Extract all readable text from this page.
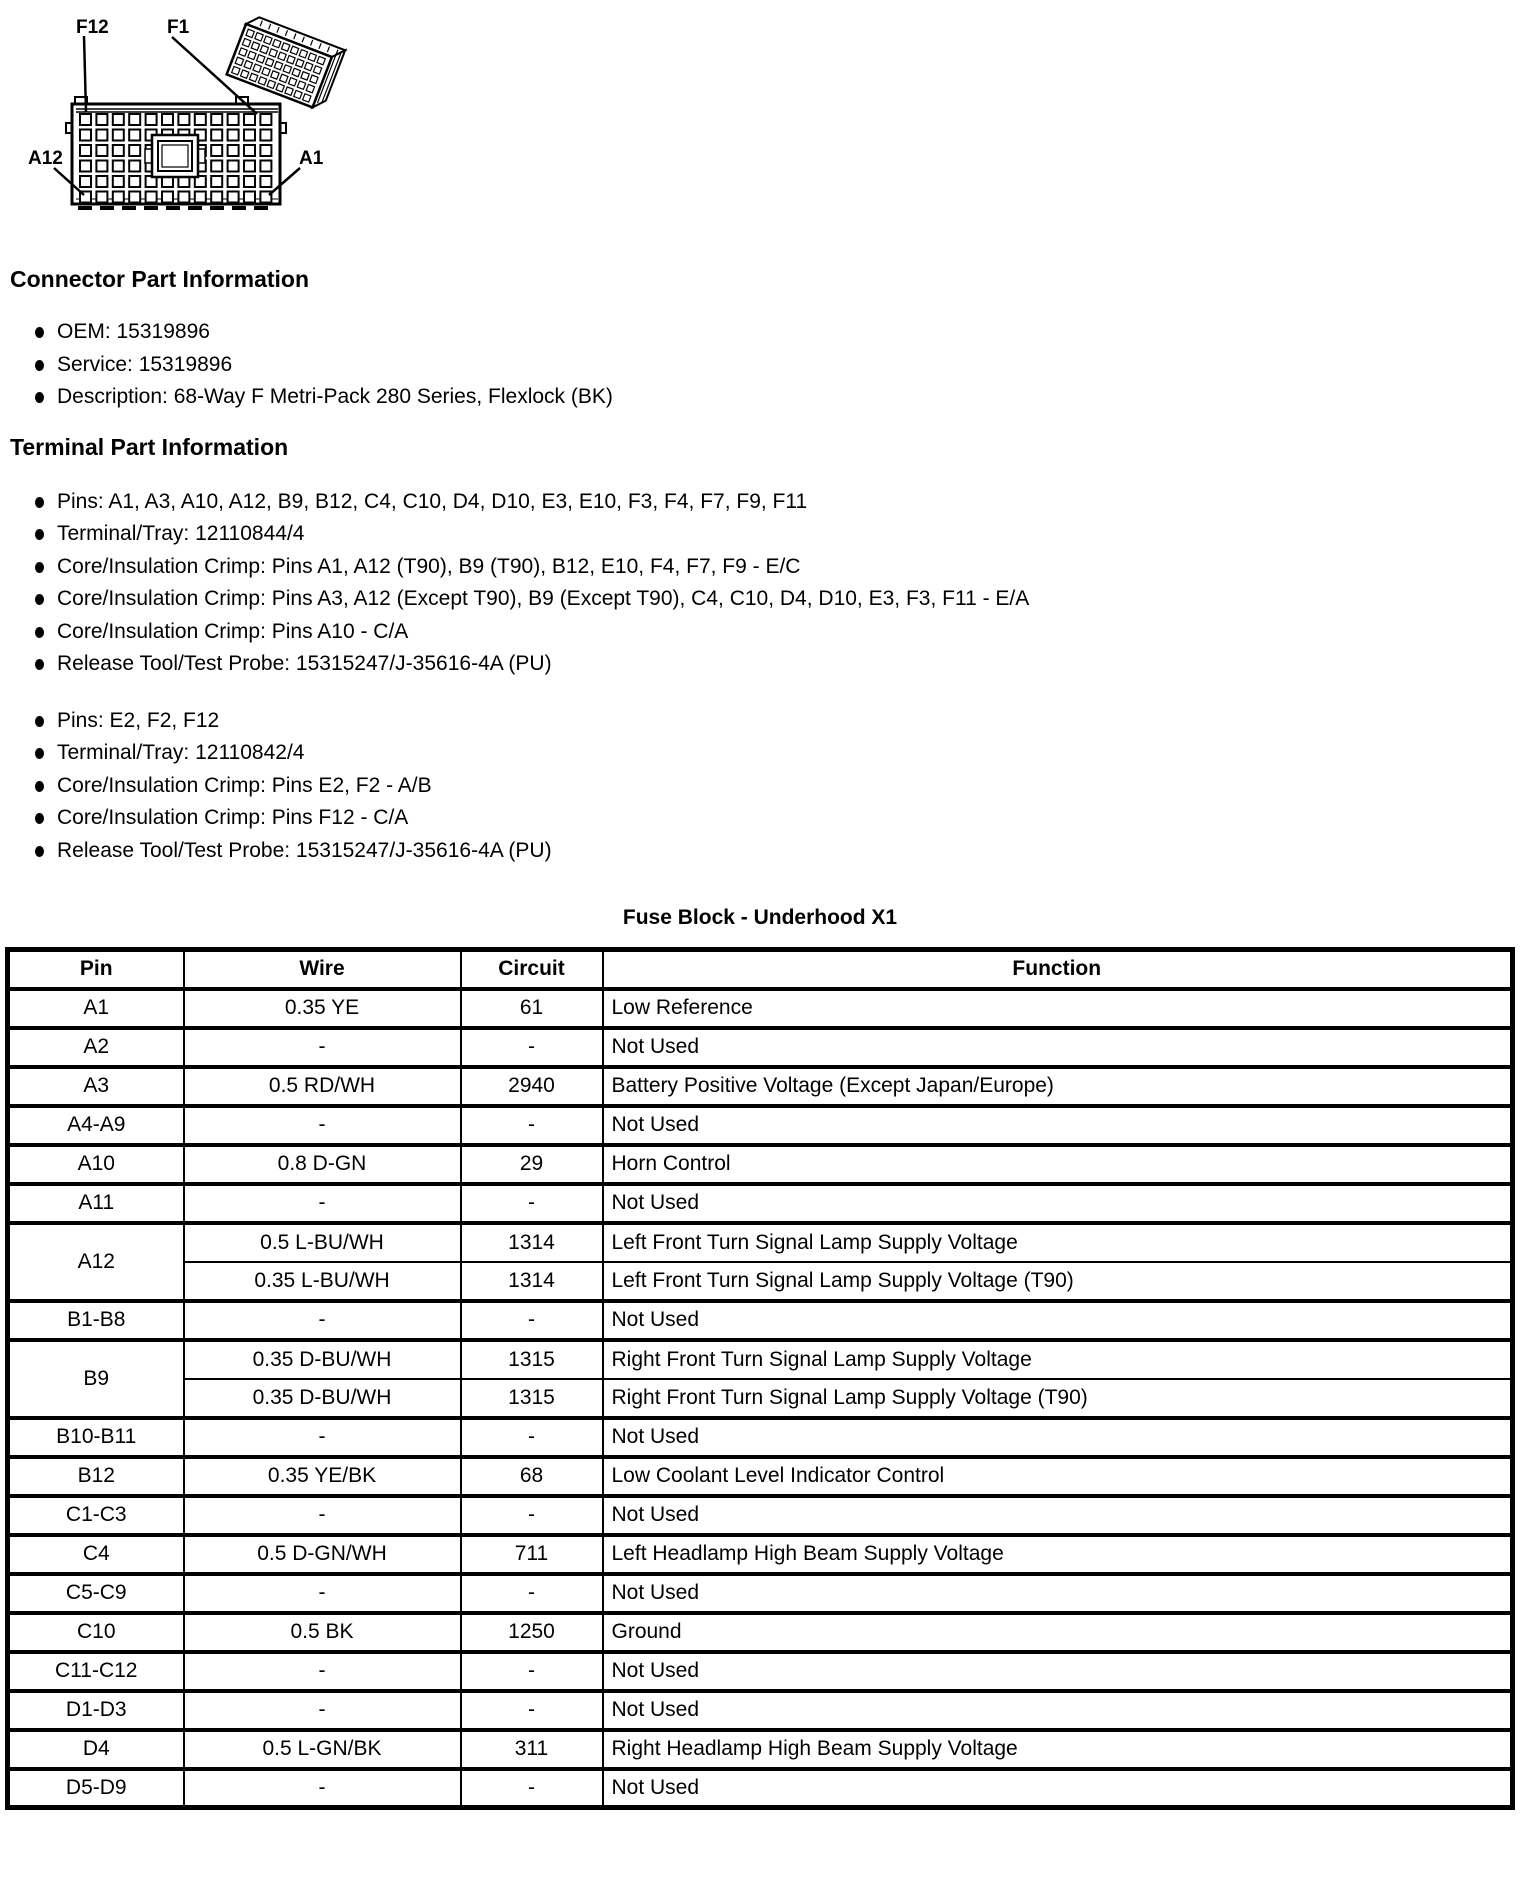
F12	F1
A12	A1
Connector Part Information
OEM: 15319896
Service: 15319896
Description: 68-Way F Metri-Pack 280 Series, Flexlock (BK)
Terminal Part Information
Pins: A1, A3, A10, A12, B9, B12, C4, C10, D4, D10, E3, E10, F3, F4, F7, F9, F11
Terminal/Tray: 12110844/4
Core/Insulation Crimp: Pins A1, A12 (T90), B9 (T90), B12, E10, F4, F7, F9 - E/C
Core/Insulation Crimp: Pins A3, A12 (Except T90), B9 (Except T90), C4, C10, D4, D10, E3, F3, F11 - E/A
Core/Insulation Crimp: Pins A10 - C/A
Release Tool/Test Probe: 15315247/J-35616-4A (PU)
Pins: E2, F2, F12
Terminal/Tray: 12110842/4
Core/Insulation Crimp: Pins E2, F2 - A/B
Core/Insulation Crimp: Pins F12 - C/A
Release Tool/Test Probe: 15315247/J-35616-4A (PU)
Fuse Block - Underhood X1
Pin	Wire	Circuit	Function
A1	0.35 YE	61	Low Reference
A2	-	-	Not Used
A3	0.5 RD/WH	2940	Battery Positive Voltage (Except Japan/Europe)
A4-A9	-	-	Not Used
A10	0.8 D-GN	29	Horn Control
A11	-	-	Not Used
A12	0.5 L-BU/WH	1314	Left Front Turn Signal Lamp Supply Voltage
	0.35 L-BU/WH	1314	Left Front Turn Signal Lamp Supply Voltage (T90)
B1-B8	-	-	Not Used
B9	0.35 D-BU/WH	1315	Right Front Turn Signal Lamp Supply Voltage
	0.35 D-BU/WH	1315	Right Front Turn Signal Lamp Supply Voltage (T90)
B10-B11	-	-	Not Used
B12	0.35 YE/BK	68	Low Coolant Level Indicator Control
C1-C3	-	-	Not Used
C4	0.5 D-GN/WH	711	Left Headlamp High Beam Supply Voltage
C5-C9	-	-	Not Used
C10	0.5 BK	1250	Ground
C11-C12	-	-	Not Used
D1-D3	-	-	Not Used
D4	0.5 L-GN/BK	311	Right Headlamp High Beam Supply Voltage
D5-D9	-	-	Not Used
